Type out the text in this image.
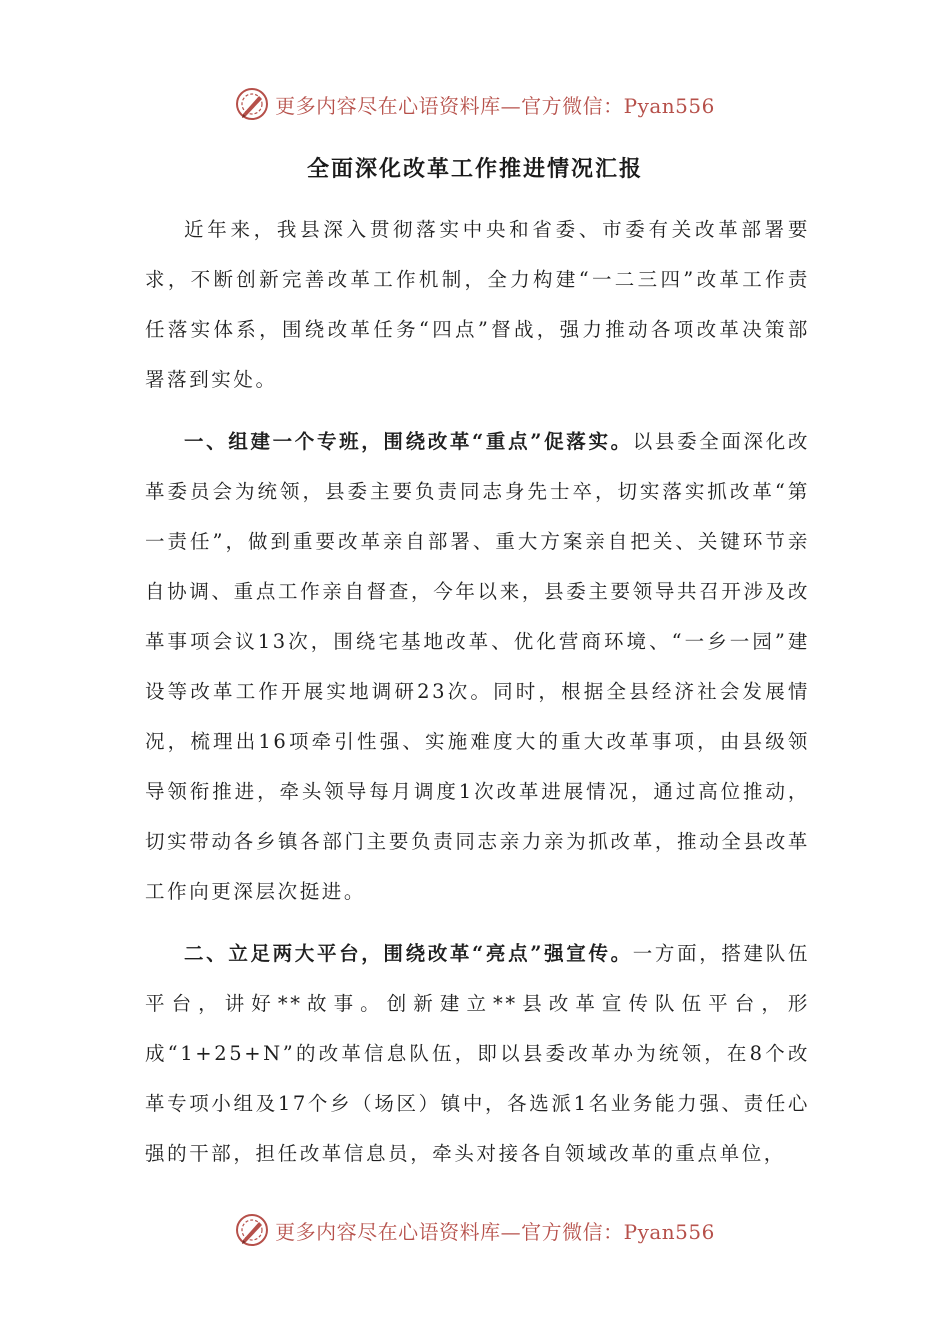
更多内容尽在心语资料库—官方微信：Pyan556
全面深化改革工作推进情况汇报

近年来，我县深入贯彻落实中央和省委、市委有关改革部署要求，不断创新完善改革工作机制，全力构建“一二三四”改革工作责任落实体系，围绕改革任务“四点”督战，强力推动各项改革决策部署落到实处。

一、组建一个专班，围绕改革“重点”促落实。以县委全面深化改革委员会为统领，县委主要负责同志身先士卒，切实落实抓改革“第一责任”，做到重要改革亲自部署、重大方案亲自把关、关键环节亲自协调、重点工作亲自督查，今年以来，县委主要领导共召开涉及改革事项会议13次，围绕宅基地改革、优化营商环境、“一乡一园”建设等改革工作开展实地调研23次。同时，根据全县经济社会发展情况，梳理出16项牵引性强、实施难度大的重大改革事项，由县级领导领衔推进，牵头领导每月调度1次改革进展情况，通过高位推动，切实带动各乡镇各部门主要负责同志亲力亲为抓改革，推动全县改革工作向更深层次挺进。

二、立足两大平台，围绕改革“亮点”强宣传。一方面，搭建队伍平台，讲好**故事。创新建立**县改革宣传队伍平台，形成“1+25+N”的改革信息队伍，即以县委改革办为统领，在8个改革专项小组及17个乡（场区）镇中，各选派1名业务能力强、责任心强的干部，担任改革信息员，牵头对接各自领域改革的重点单位，

更多内容尽在心语资料库—官方微信：Pyan556
